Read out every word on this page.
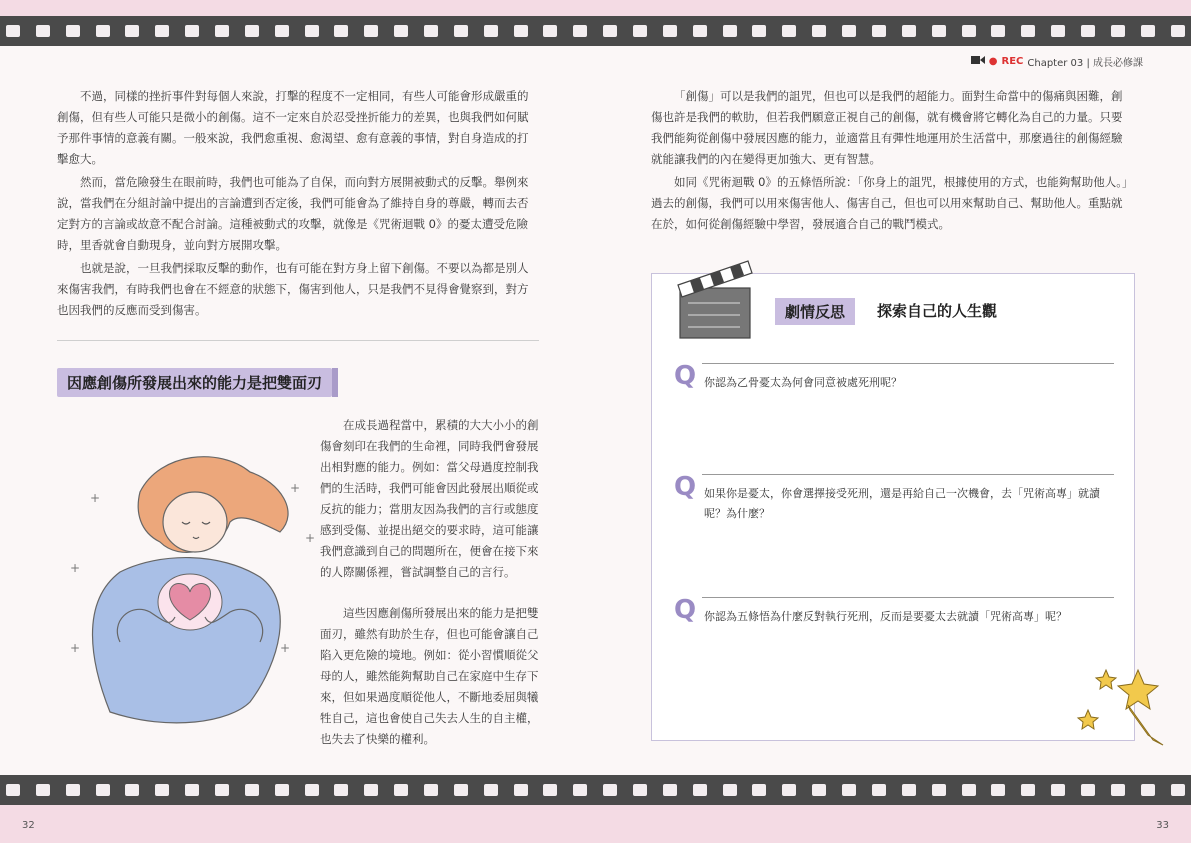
● REC Chapter 03 | 成長必修課

不過，同樣的挫折事件對每個人來說，打擊的程度不一定相同，有些人可能會形成嚴重的創傷，但有些人可能只是微小的創傷。這不一定來自於忍受挫折能力的差異，也與我們如何賦予那件事情的意義有關。一般來說，我們愈重視、愈渴望、愈有意義的事情，對自身造成的打擊愈大。

然而，當危險發生在眼前時，我們也可能為了自保，而向對方展開被動式的反擊。舉例來說，當我們在分組討論中提出的言論遭到否定後，我們可能會為了維持自身的尊嚴，轉而去否定對方的言論或故意不配合討論。這種被動式的攻擊，就像是《咒術迴戰 0》的憂太遭受危險時，里香就會自動現身，並向對方展開攻擊。

也就是說，一旦我們採取反擊的動作，也有可能在對方身上留下創傷。不要以為都是別人來傷害我們，有時我們也會在不經意的狀態下，傷害到他人，只是我們不見得會覺察到，對方也因我們的反應而受到傷害。

因應創傷所發展出來的能力是把雙面刃
+
+
+
+
+
+

在成長過程當中，累積的大大小小的創傷會刻印在我們的生命裡，同時我們會發展出相對應的能力。例如：當父母過度控制我們的生活時，我們可能會因此發展出順從或反抗的能力；當朋友因為我們的言行或態度感到受傷、並提出絕交的要求時，這可能讓我們意識到自己的問題所在，便會在接下來的人際關係裡，嘗試調整自己的言行。

這些因應創傷所發展出來的能力是把雙面刃，雖然有助於生存，但也可能會讓自己陷入更危險的境地。例如：從小習慣順從父母的人，雖然能夠幫助自己在家庭中生存下來，但如果過度順從他人，不斷地委屈與犧牲自己，這也會使自己失去人生的自主權，也失去了快樂的權利。

「創傷」可以是我們的詛咒，但也可以是我們的超能力。面對生命當中的傷痛與困難，創傷也許是我們的軟肋，但若我們願意正視自己的創傷，就有機會將它轉化為自己的力量。只要我們能夠從創傷中發展因應的能力，並適當且有彈性地運用於生活當中，那麼過往的創傷經驗就能讓我們的內在變得更加強大、更有智慧。

如同《咒術迴戰 0》的五條悟所說：「你身上的詛咒，根據使用的方式，也能夠幫助他人。」過去的創傷，我們可以用來傷害他人、傷害自己，但也可以用來幫助自己、幫助他人。重點就在於，如何從創傷經驗中學習，發展適合自己的戰鬥模式。

劇情反思	探索自己的人生觀
Q 你認為乙骨憂太為何會同意被處死刑呢？
Q 如果你是憂太，你會選擇接受死刑，還是再給自己一次機會，去「咒術高專」就讀呢？為什麼？
Q 你認為五條悟為什麼反對執行死刑，反而是要憂太去就讀「咒術高專」呢？
32	33
